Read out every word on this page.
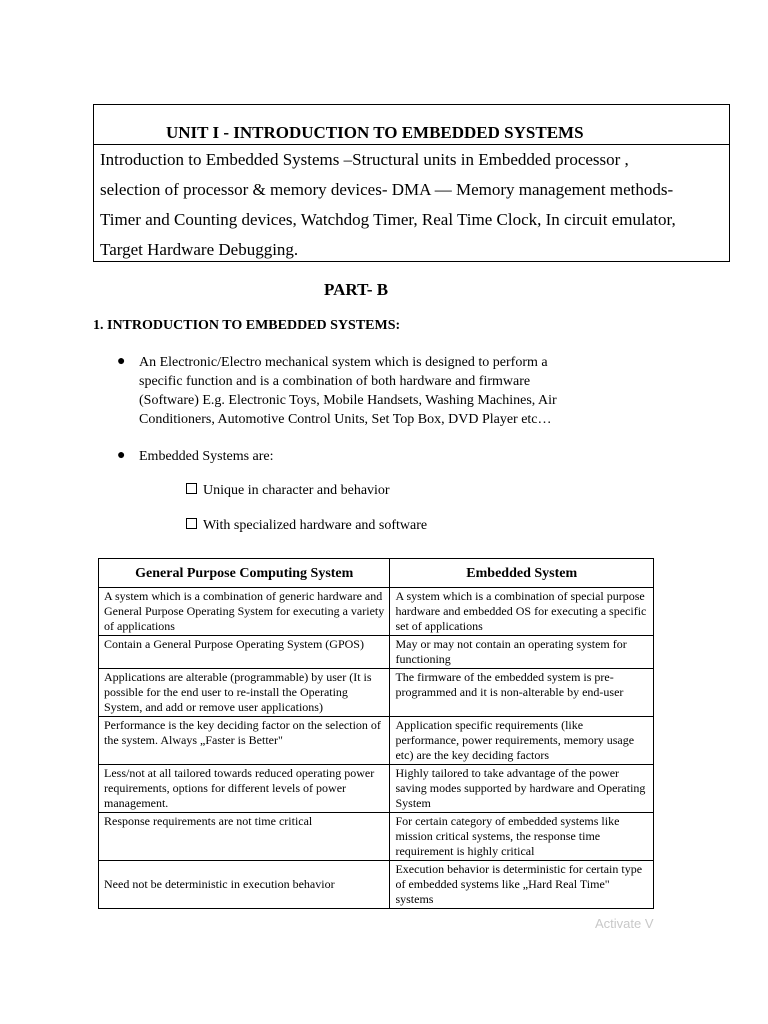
UNIT I - INTRODUCTION TO EMBEDDED SYSTEMS
Introduction to Embedded Systems –Structural units in Embedded processor ,
selection of processor & memory devices- DMA — Memory management methods-
Timer and Counting devices, Watchdog Timer, Real Time Clock, In circuit emulator,
Target Hardware Debugging.
PART- B
1. INTRODUCTION TO EMBEDDED SYSTEMS:
● An Electronic/Electro mechanical system which is designed to perform a
specific function and is a combination of both hardware and firmware
(Software) E.g. Electronic Toys, Mobile Handsets, Washing Machines, Air
Conditioners, Automotive Control Units, Set Top Box, DVD Player etc…
● Embedded Systems are:
Unique in character and behavior
With specialized hardware and software
General Purpose Computing System	Embedded System
A system which is a combination of generic hardware and General Purpose Operating System for executing a variety of applications	A system which is a combination of special purpose hardware and embedded OS for executing a specific set of applications
Contain a General Purpose Operating System (GPOS)	May or may not contain an operating system for functioning
Applications are alterable (programmable) by user (It is possible for the end user to re-install the Operating System, and add or remove user applications)	The firmware of the embedded system is pre-programmed and it is non-alterable by end-user
Performance is the key deciding factor on the selection of the system. Always „Faster is Better"	Application specific requirements (like performance, power requirements, memory usage etc) are the key deciding factors
Less/not at all tailored towards reduced operating power requirements, options for different levels of power management.	Highly tailored to take advantage of the power saving modes supported by hardware and Operating System
Response requirements are not time critical	For certain category of embedded systems like mission critical systems, the response time requirement is highly critical
Need not be deterministic in execution behavior	Execution behavior is deterministic for certain type of embedded systems like „Hard Real Time" systems
Activate V
